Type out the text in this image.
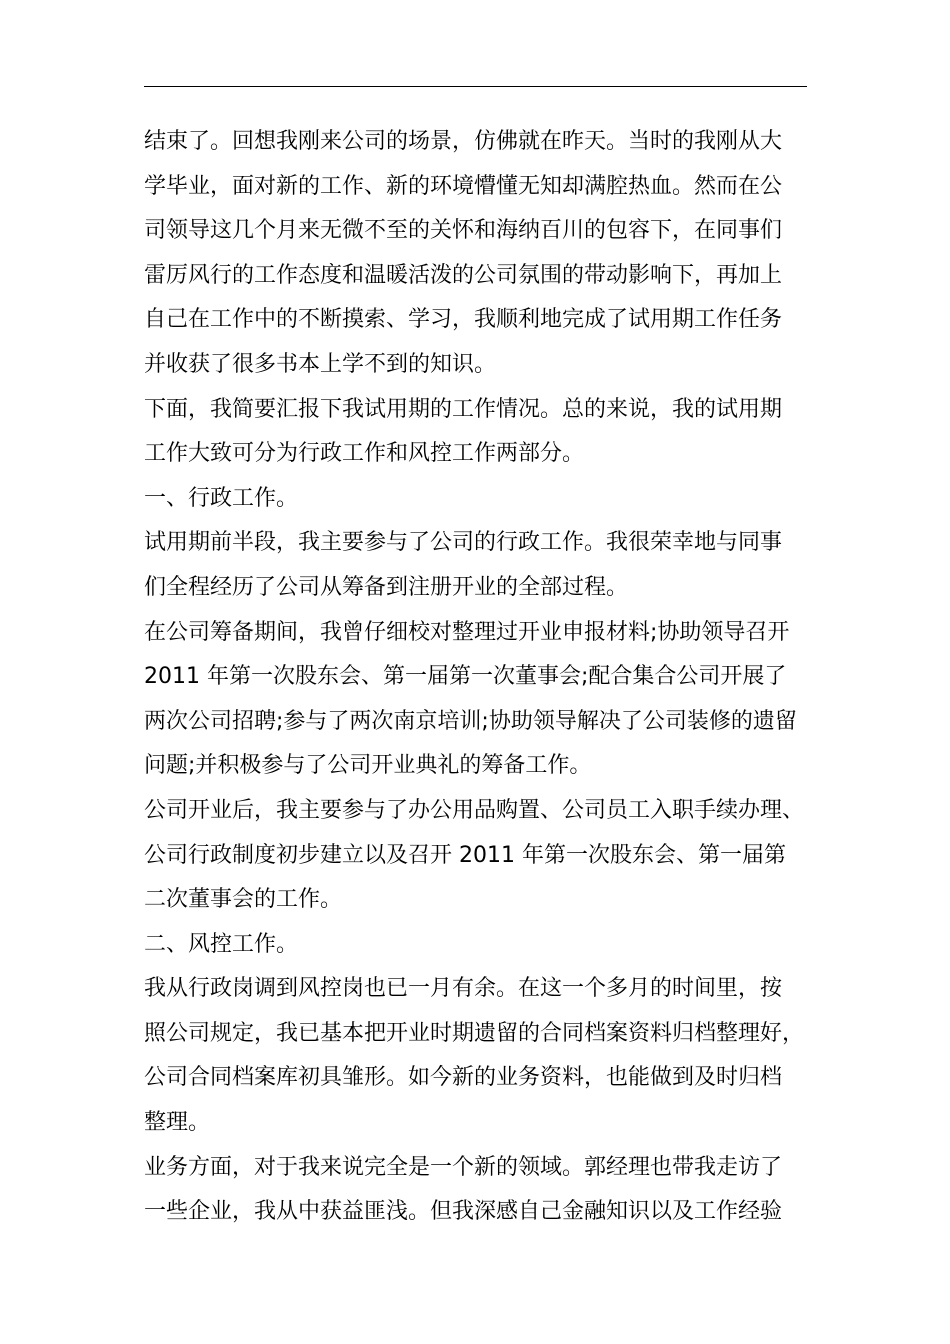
结束了。回想我刚来公司的场景，仿佛就在昨天。当时的我刚从大
学毕业，面对新的工作、新的环境懵懂无知却满腔热血。然而在公
司领导这几个月来无微不至的关怀和海纳百川的包容下，在同事们
雷厉风行的工作态度和温暖活泼的公司氛围的带动影响下，再加上
自己在工作中的不断摸索、学习，我顺利地完成了试用期工作任务
并收获了很多书本上学不到的知识。
下面，我简要汇报下我试用期的工作情况。总的来说，我的试用期
工作大致可分为行政工作和风控工作两部分。
一、行政工作。
试用期前半段，我主要参与了公司的行政工作。我很荣幸地与同事
们全程经历了公司从筹备到注册开业的全部过程。
在公司筹备期间，我曾仔细校对整理过开业申报材料;协助领导召开
2011 年第一次股东会、第一届第一次董事会;配合集合公司开展了
两次公司招聘;参与了两次南京培训;协助领导解决了公司装修的遗留
问题;并积极参与了公司开业典礼的筹备工作。
公司开业后，我主要参与了办公用品购置、公司员工入职手续办理、
公司行政制度初步建立以及召开 2011 年第一次股东会、第一届第
二次董事会的工作。
二、风控工作。
我从行政岗调到风控岗也已一月有余。在这一个多月的时间里，按
照公司规定，我已基本把开业时期遗留的合同档案资料归档整理好，
公司合同档案库初具雏形。如今新的业务资料，也能做到及时归档
整理。
业务方面，对于我来说完全是一个新的领域。郭经理也带我走访了
一些企业，我从中获益匪浅。但我深感自己金融知识以及工作经验
